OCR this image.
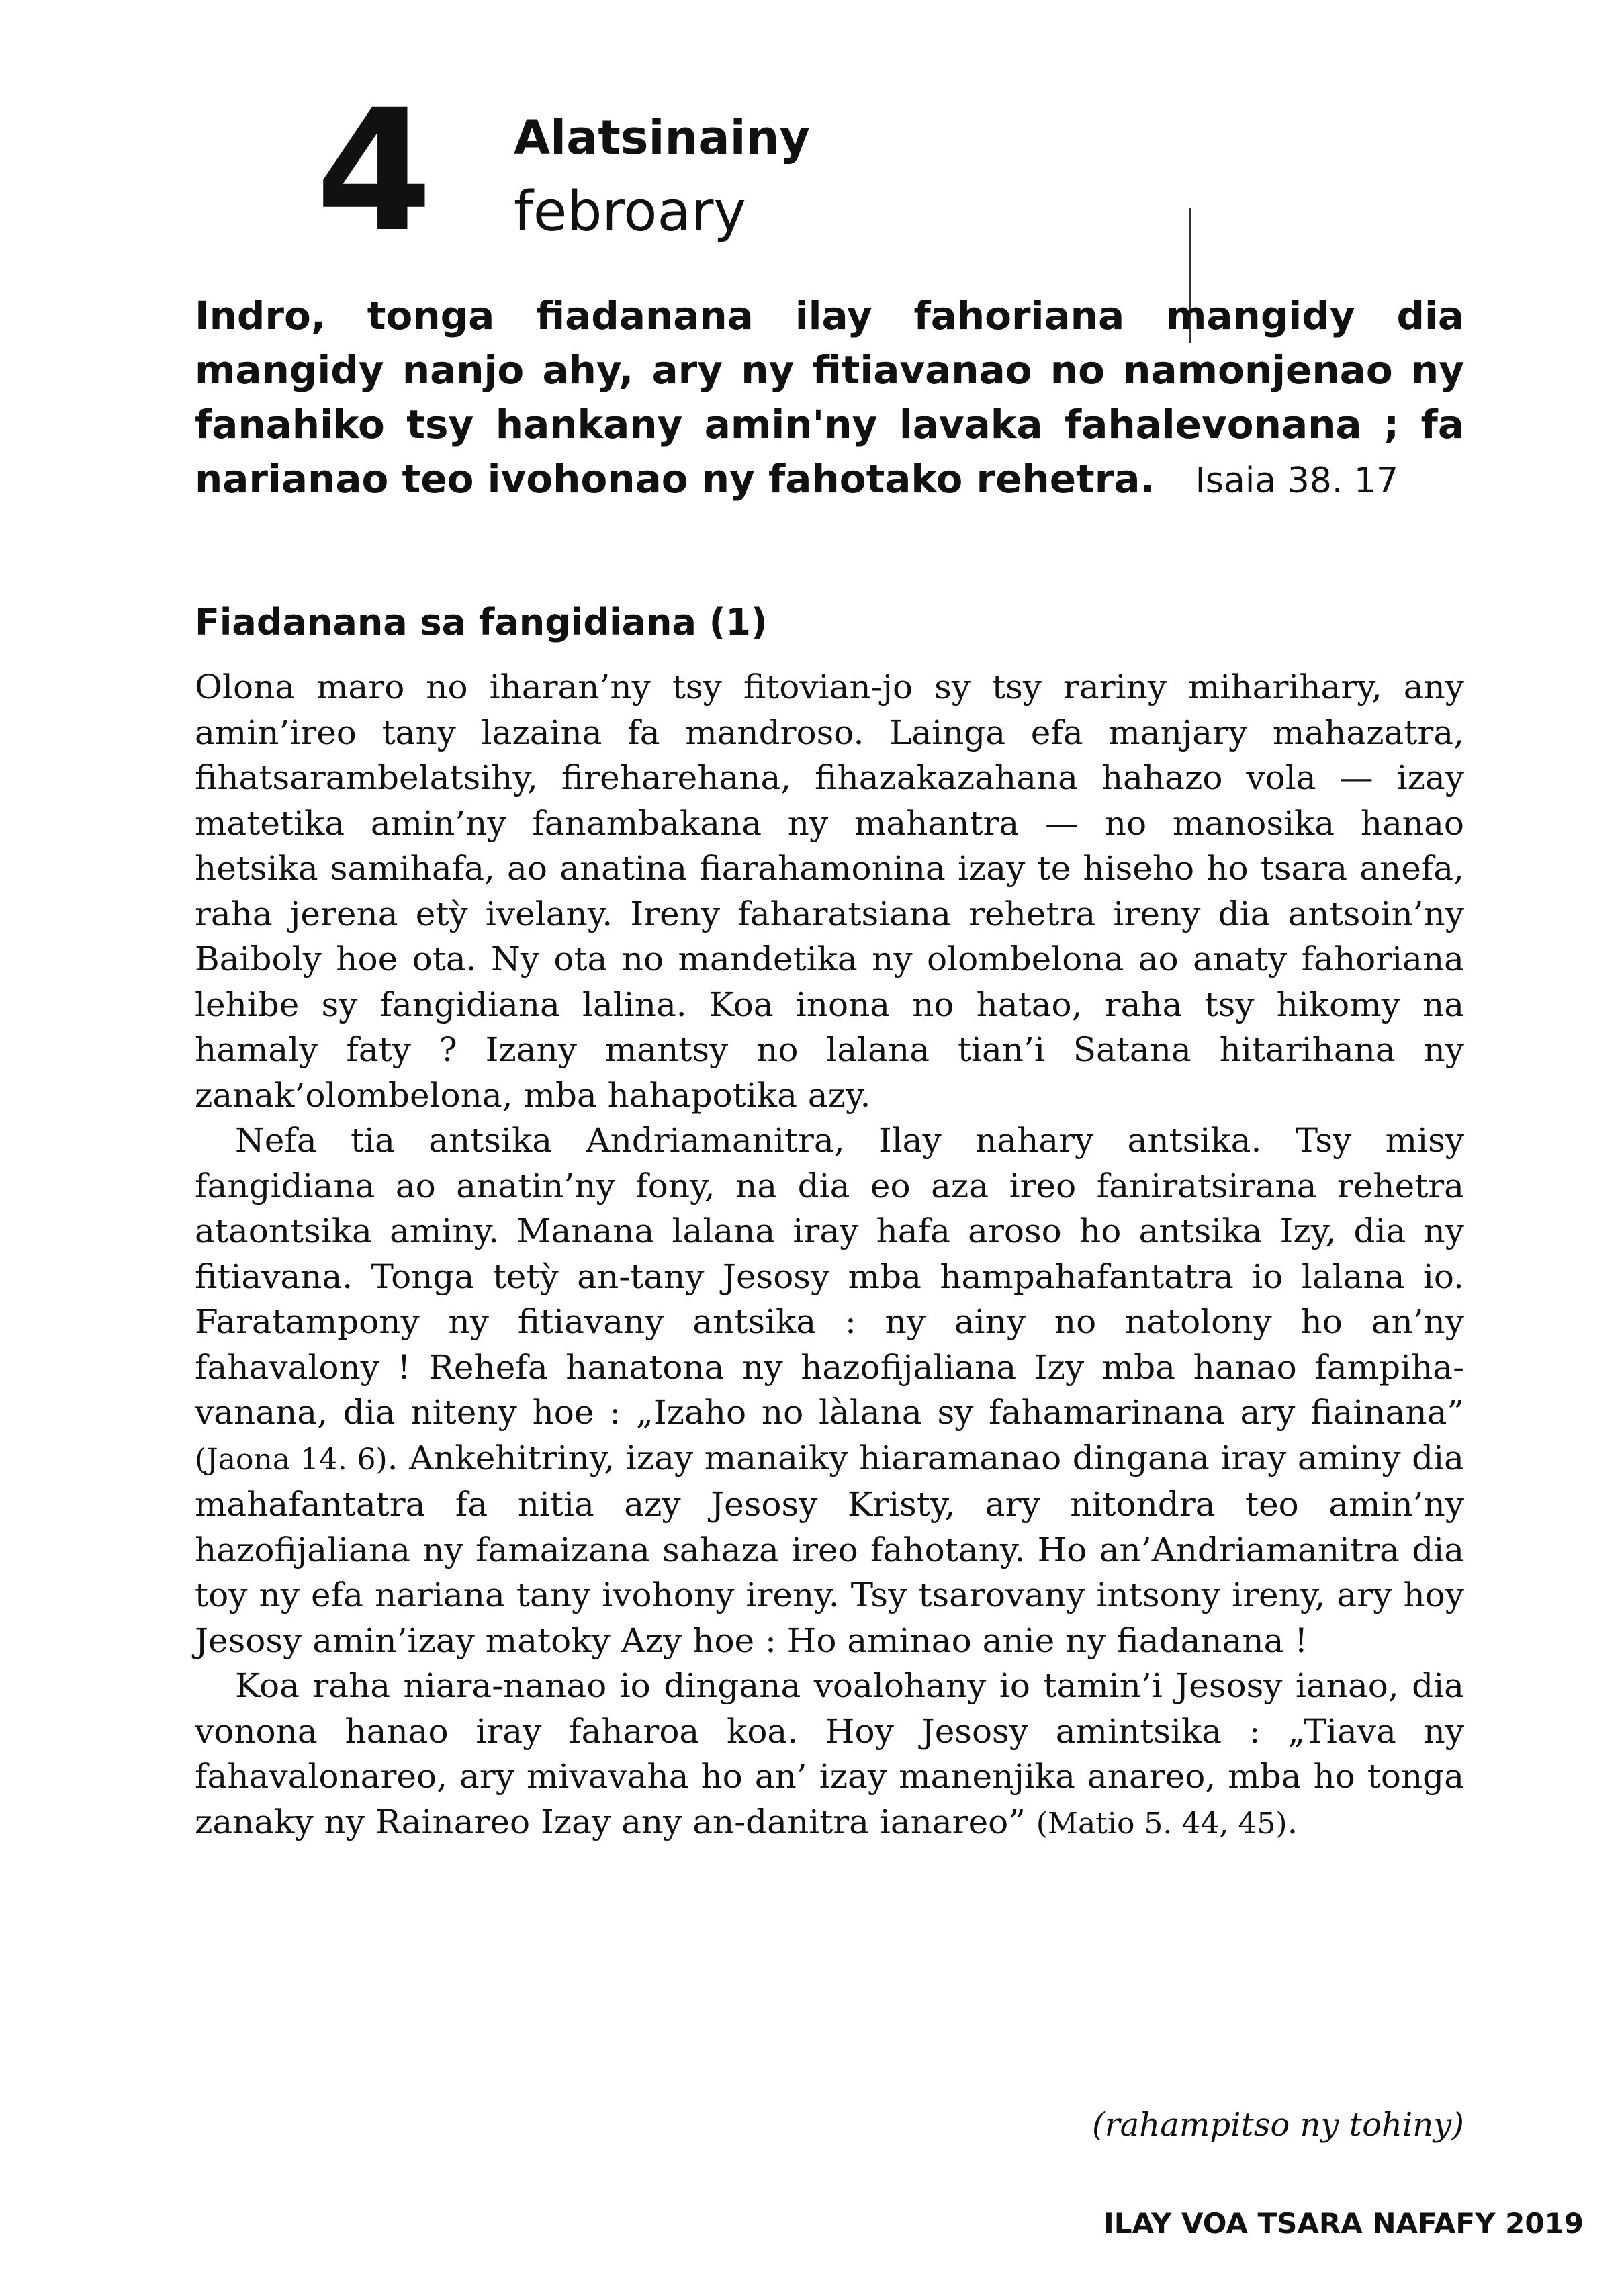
4 Alatsinainy
febroary
Indro, tonga fiadanana ilay fahoriana mangidy dia mangidy nanjo ahy, ary ny fitiavanao no namonjenao ny fanahiko tsy hankany amin'ny lavaka fahalevonana ; fa narianao teo ivohonao ny fahotako rehetra. Isaia 38. 17
Fiadanana sa fangidiana (1)

Olona maro no iharan’ny tsy fitovian-jo sy tsy rariny miharihary, any amin’ireo tany lazaina fa mandroso. Lainga efa manjary mahazatra, fihatsarambelatsihy, fireharehana, fihazakazahana hahazo vola — izay matetika amin’ny fanambakana ny mahantra — no manosika hanao hetsika samihafa, ao anatina fiarahamonina izay te hiseho ho tsara anefa, raha jerena etỳ ivelany. Ireny faharatsiana rehetra ireny dia antsoin’ny Baiboly hoe ota. Ny ota no mandetika ny olombelona ao anaty fahoriana lehibe sy fangidiana lalina. Koa inona no hatao, raha tsy hikomy na hamaly faty ? Izany mantsy no lalana tian’i Satana hitarihana ny zanak’olombelona, mba hahapotika azy.

Nefa tia antsika Andriamanitra, Ilay nahary antsika. Tsy misy fangidiana ao anatin’ny fony, na dia eo aza ireo faniratsirana rehetra ataontsika aminy. Manana lalana iray hafa aroso ho antsika Izy, dia ny fitiavana. Tonga tetỳ an-tany Jesosy mba hampahafantatra io lalana io. Faratampony ny fitiavany antsika : ny ainy no natolony ho an’ny fahavalony ! Rehefa hanatona ny hazofijaliana Izy mba hanao fampihavanana, dia niteny hoe : „Izaho no làlana sy fahamarinana ary fiainana” (Jaona 14. 6). Ankehitriny, izay manaiky hiaramanao dingana iray aminy dia mahafantatra fa nitia azy Jesosy Kristy, ary nitondra teo amin’ny hazofijaliana ny famaizana sahaza ireo fahotany. Ho an’Andriamanitra dia toy ny efa nariana tany ivohony ireny. Tsy tsarovany intsony ireny, ary hoy Jesosy amin’izay matoky Azy hoe : Ho aminao anie ny fiadanana !

Koa raha niara-nanao io dingana voalohany io tamin’i Jesosy ianao, dia vonona hanao iray faharoa koa. Hoy Jesosy amintsika : „Tiava ny fahavalonareo, ary mivavaha ho an’ izay manenjika anareo, mba ho tonga zanaky ny Rainareo Izay any an-danitra ianareo” (Matio 5. 44, 45).

(rahampitso ny tohiny)
ILAY VOA TSARA NAFAFY 2019
